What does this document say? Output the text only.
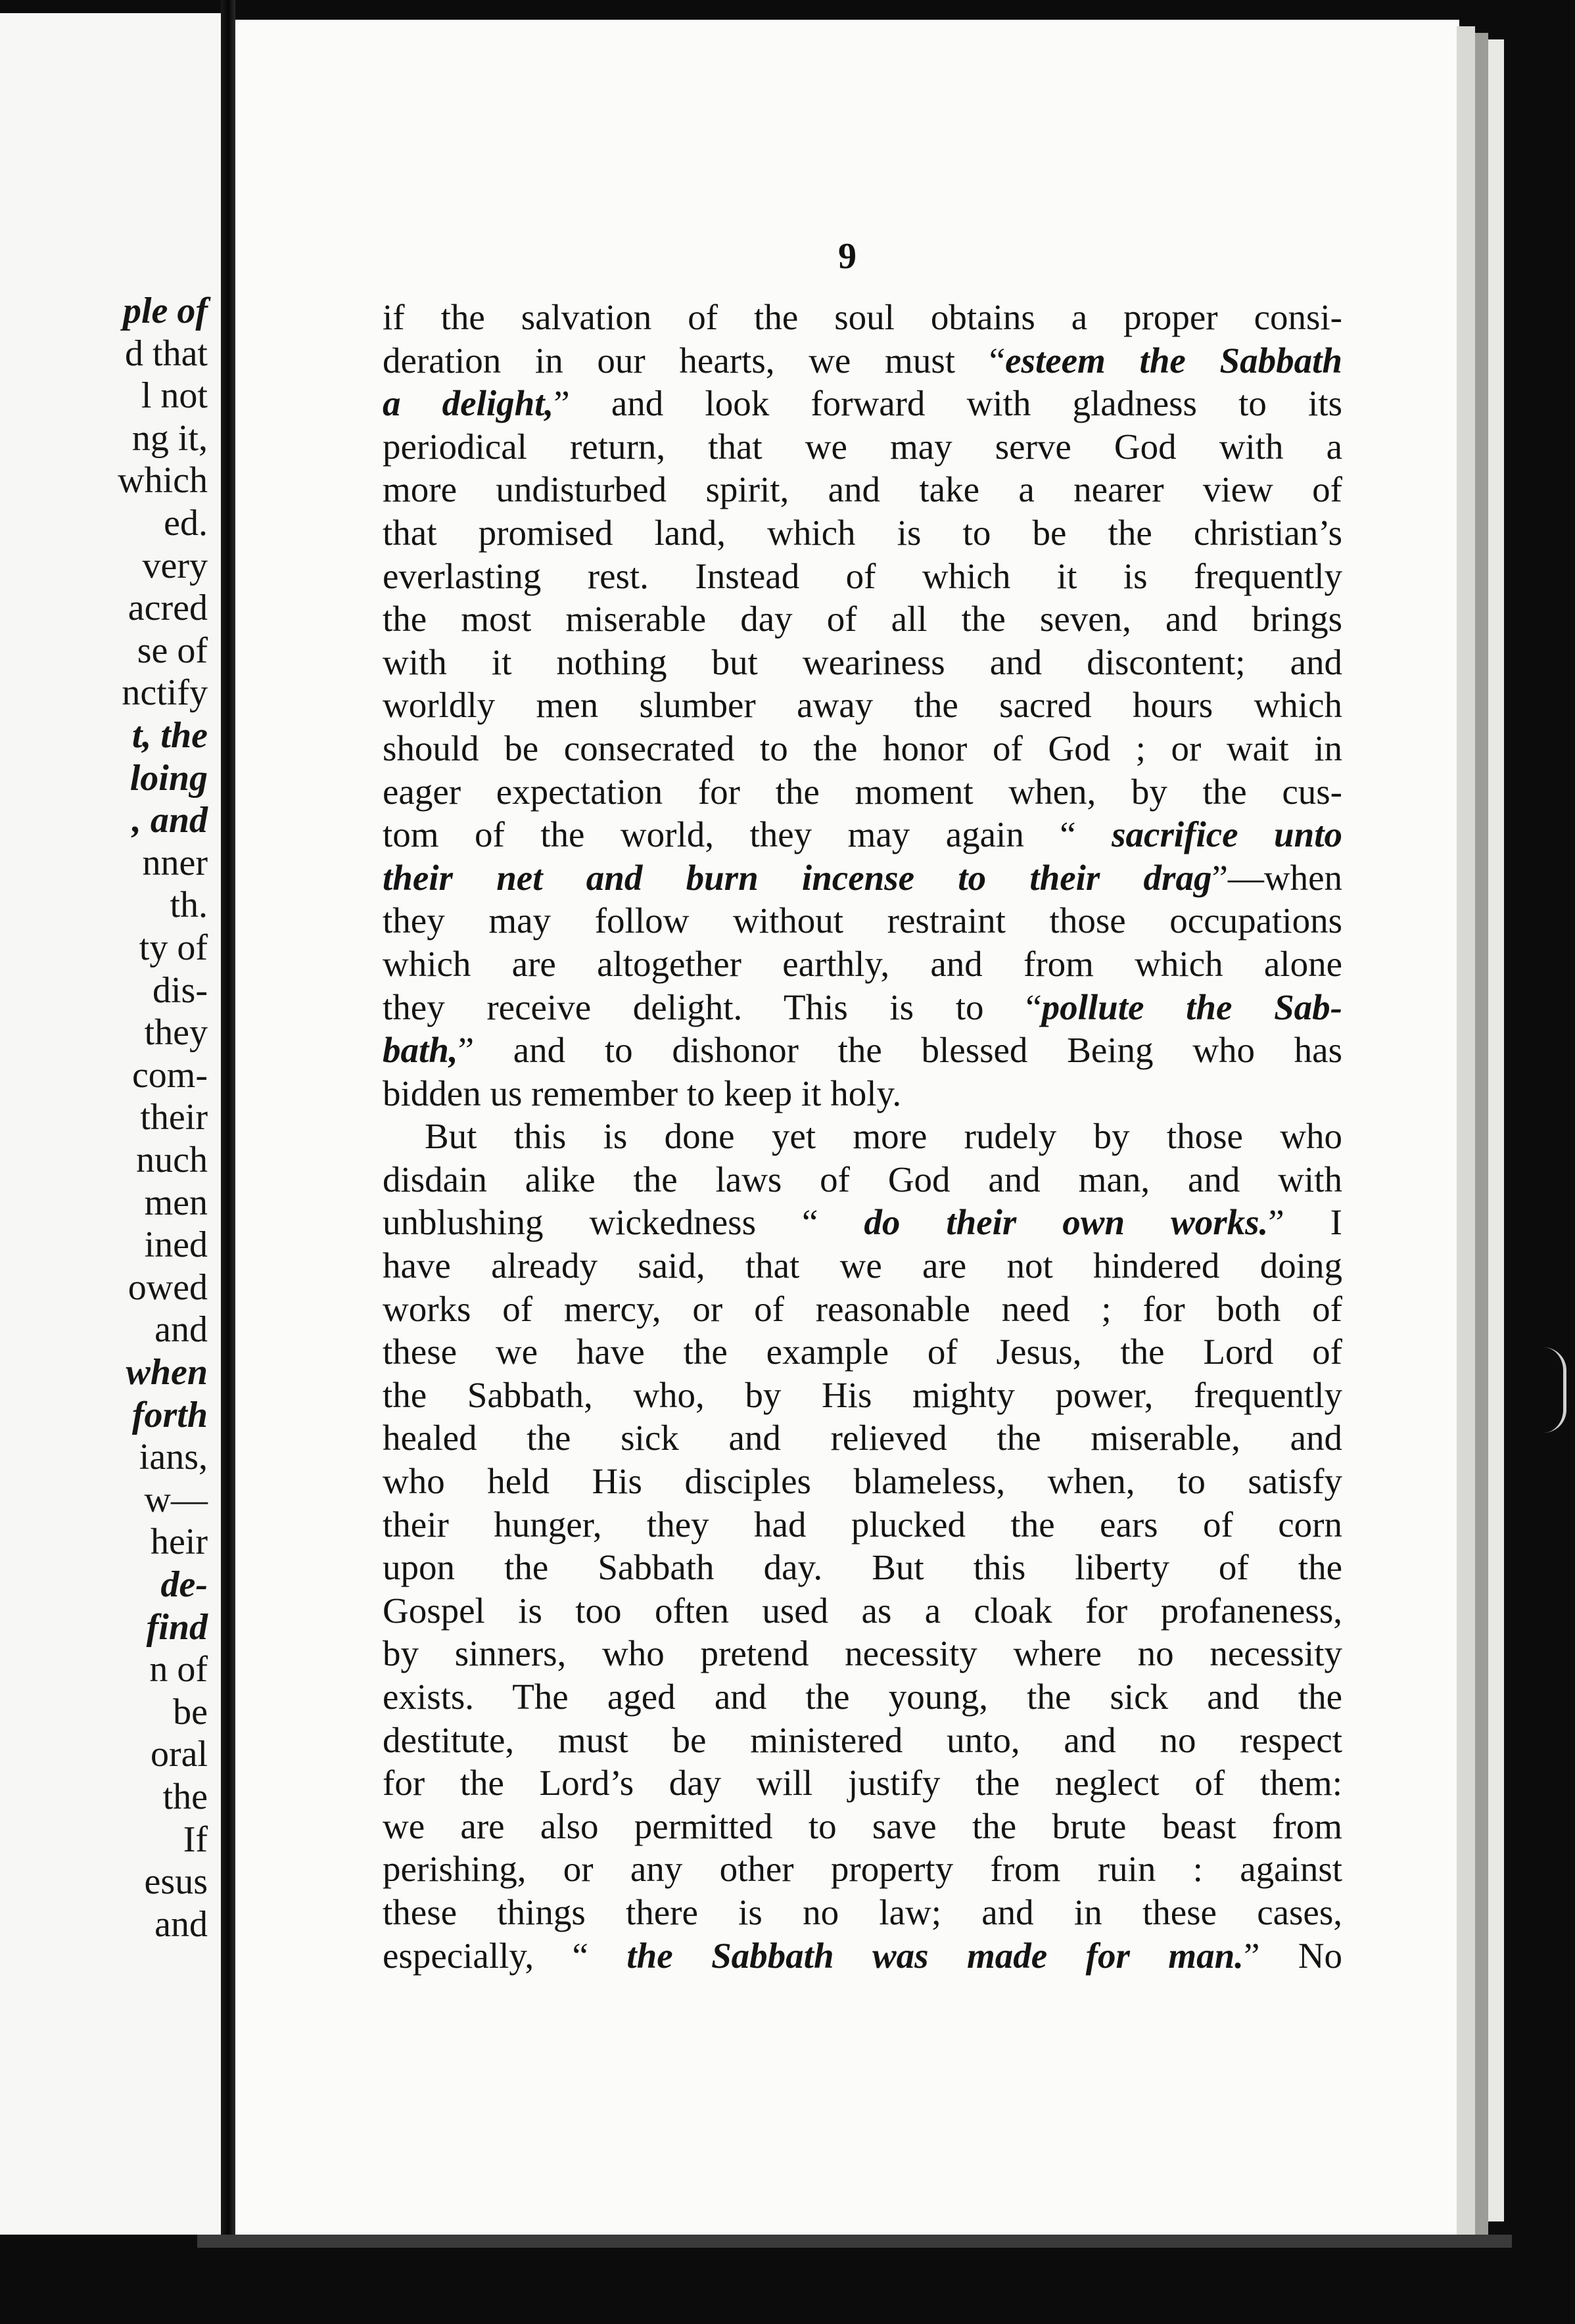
ple of
d that
l not
ng it,
which
ed.
very
acred
se of
nctify
t, the
loing
, and
nner
th.
ty of
dis-
they
com-
their
nuch
men
ined
owed
and
when
forth
ians,
w—
heir
de-
find
n of
be
oral
the
If
esus
and
9
if the salvation of the soul obtains a proper consi-
deration in our hearts, we must “esteem the Sabbath
a delight,” and look forward with gladness to its
periodical return, that we may serve God with a
more undisturbed spirit, and take a nearer view of
that promised land, which is to be the christian’s
everlasting rest. Instead of which it is frequently
the most miserable day of all the seven, and brings
with it nothing but weariness and discontent; and
worldly men slumber away the sacred hours which
should be consecrated to the honor of God ; or wait in
eager expectation for the moment when, by the cus-
tom of the world, they may again “ sacrifice unto
their net and burn incense to their drag”—when
they may follow without restraint those occupations
which are altogether earthly, and from which alone
they receive delight. This is to “pollute the Sab-
bath,” and to dishonor the blessed Being who has
bidden us remember to keep it holy.
But this is done yet more rudely by those who
disdain alike the laws of God and man, and with
unblushing wickedness “ do their own works.” I
have already said, that we are not hindered doing
works of mercy, or of reasonable need ; for both of
these we have the example of Jesus, the Lord of
the Sabbath, who, by His mighty power, frequently
healed the sick and relieved the miserable, and
who held His disciples blameless, when, to satisfy
their hunger, they had plucked the ears of corn
upon the Sabbath day. But this liberty of the
Gospel is too often used as a cloak for profaneness,
by sinners, who pretend necessity where no necessity
exists. The aged and the young, the sick and the
destitute, must be ministered unto, and no respect
for the Lord’s day will justify the neglect of them:
we are also permitted to save the brute beast from
perishing, or any other property from ruin : against
these things there is no law; and in these cases,
especially, “ the Sabbath was made for man.” No
